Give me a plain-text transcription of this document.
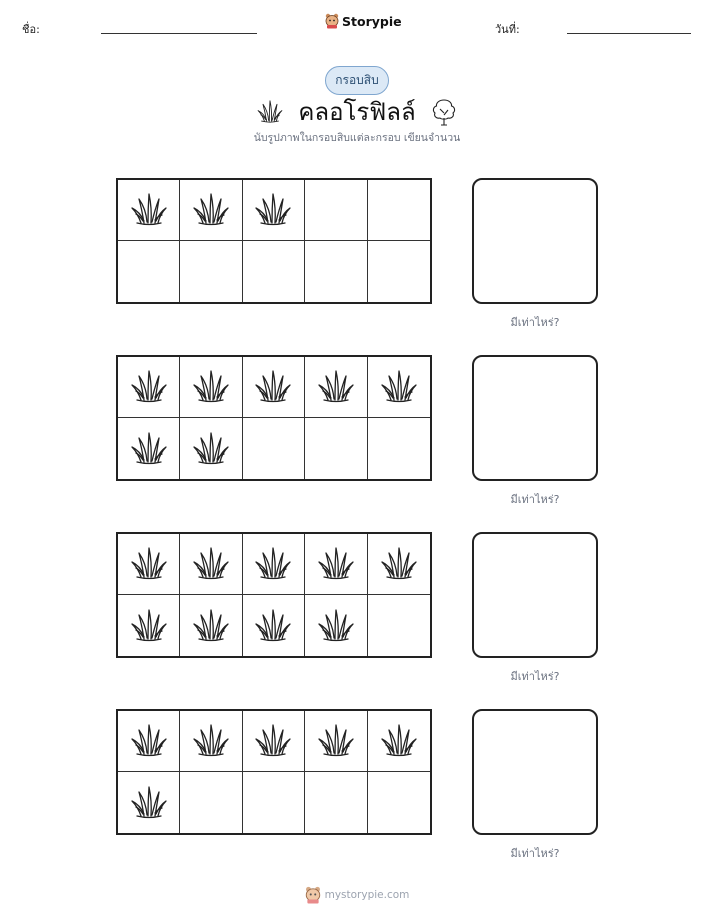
ชื่อ:
Storypie
วันที่:
กรอบสิบ
คลอโรฟิลล์
นับรูปภาพในกรอบสิบแต่ละกรอบ เขียนจำนวน
มีเท่าไหร่?
มีเท่าไหร่?
มีเท่าไหร่?
มีเท่าไหร่?
mystorypie.com
